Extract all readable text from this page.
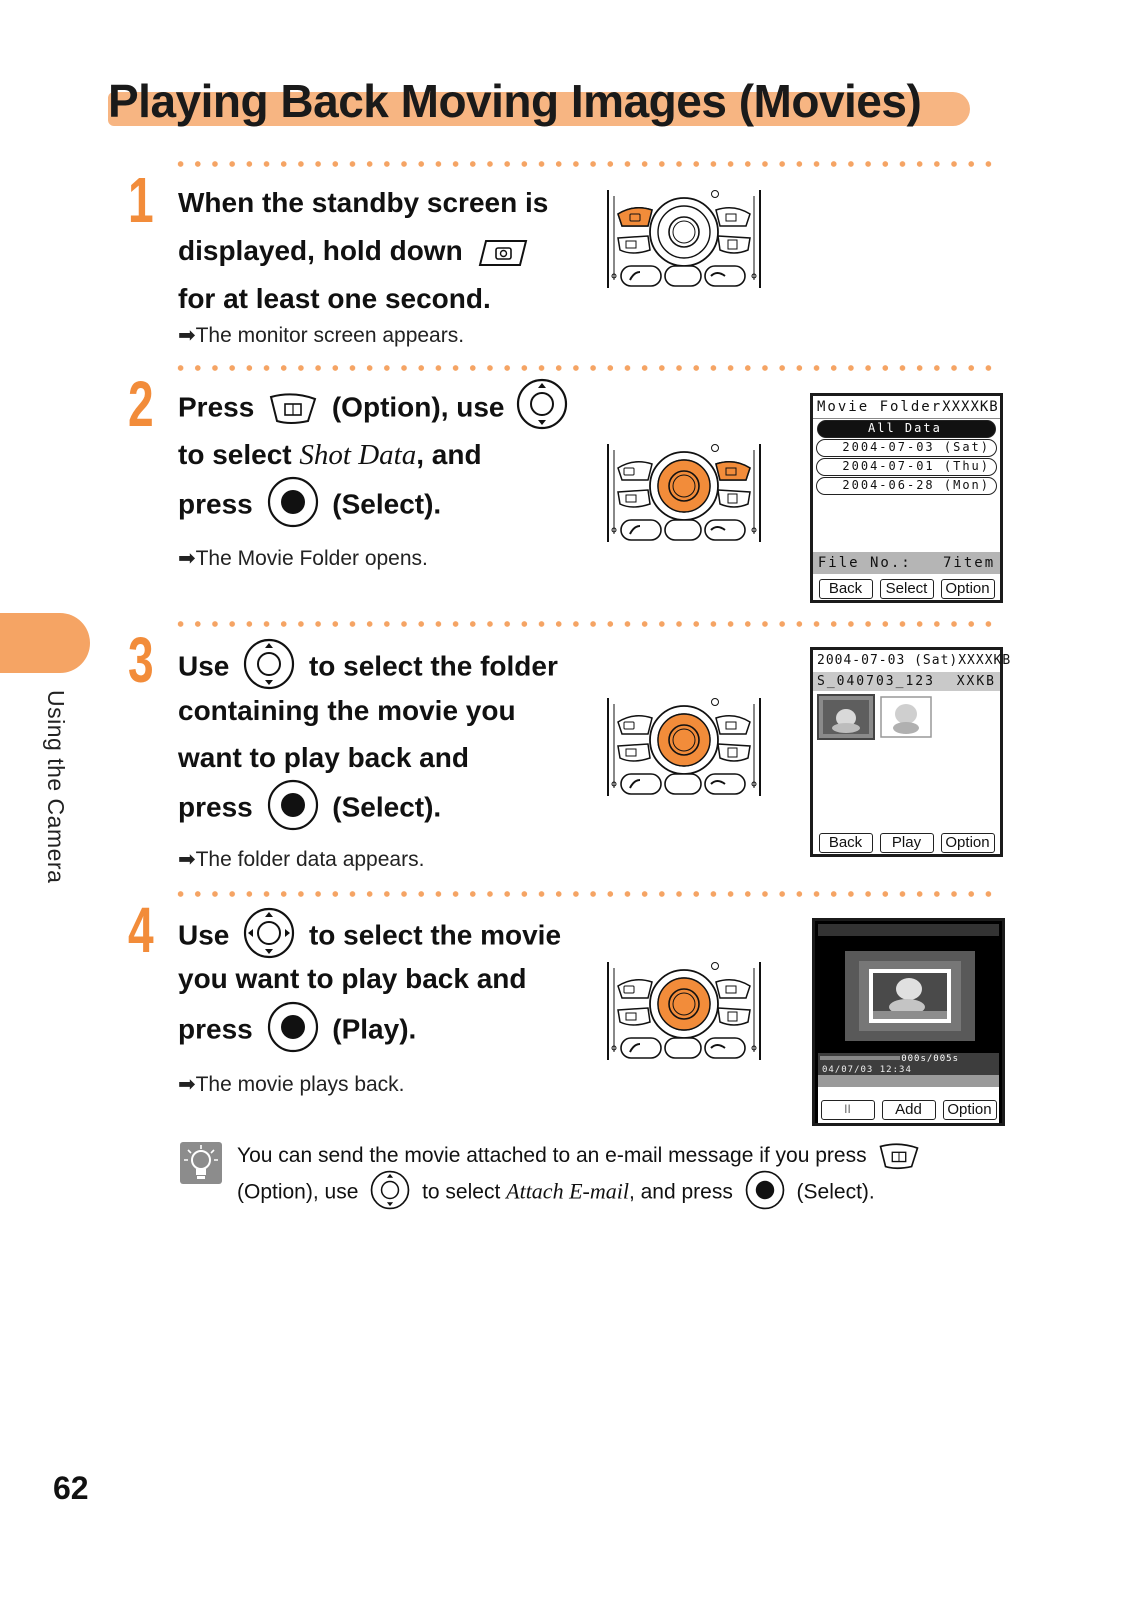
Playing Back Moving Images (Movies)
Using the Camera
1 When the standby screen is
displayed, hold down
for at least one second.
➡The monitor screen appears.
2 Press	(Option), use
to select Shot Data, and
press	(Select).
➡The Movie Folder opens.
Movie Folder XXXXKB
All Data
2004-07-03 (Sat)
2004-07-01 (Thu)
2004-06-28 (Mon)
File No.:   7item
Back	Select	Option
3 Use	to select the folder
containing the movie you
want to play back and
press	(Select).
➡The folder data appears.
2004-07-03 (Sat) XXXXKB
S_040703_123 XXKB
Back	Play	Option
4 Use	to select the movie
you want to play back and
press	(Play).
➡The movie plays back.
000s/005s
04/07/03 12:34
II	Add	Option
You can send the movie attached to an e-mail message if you press
(Option), use	to select Attach E-mail, and press	(Select).
62
